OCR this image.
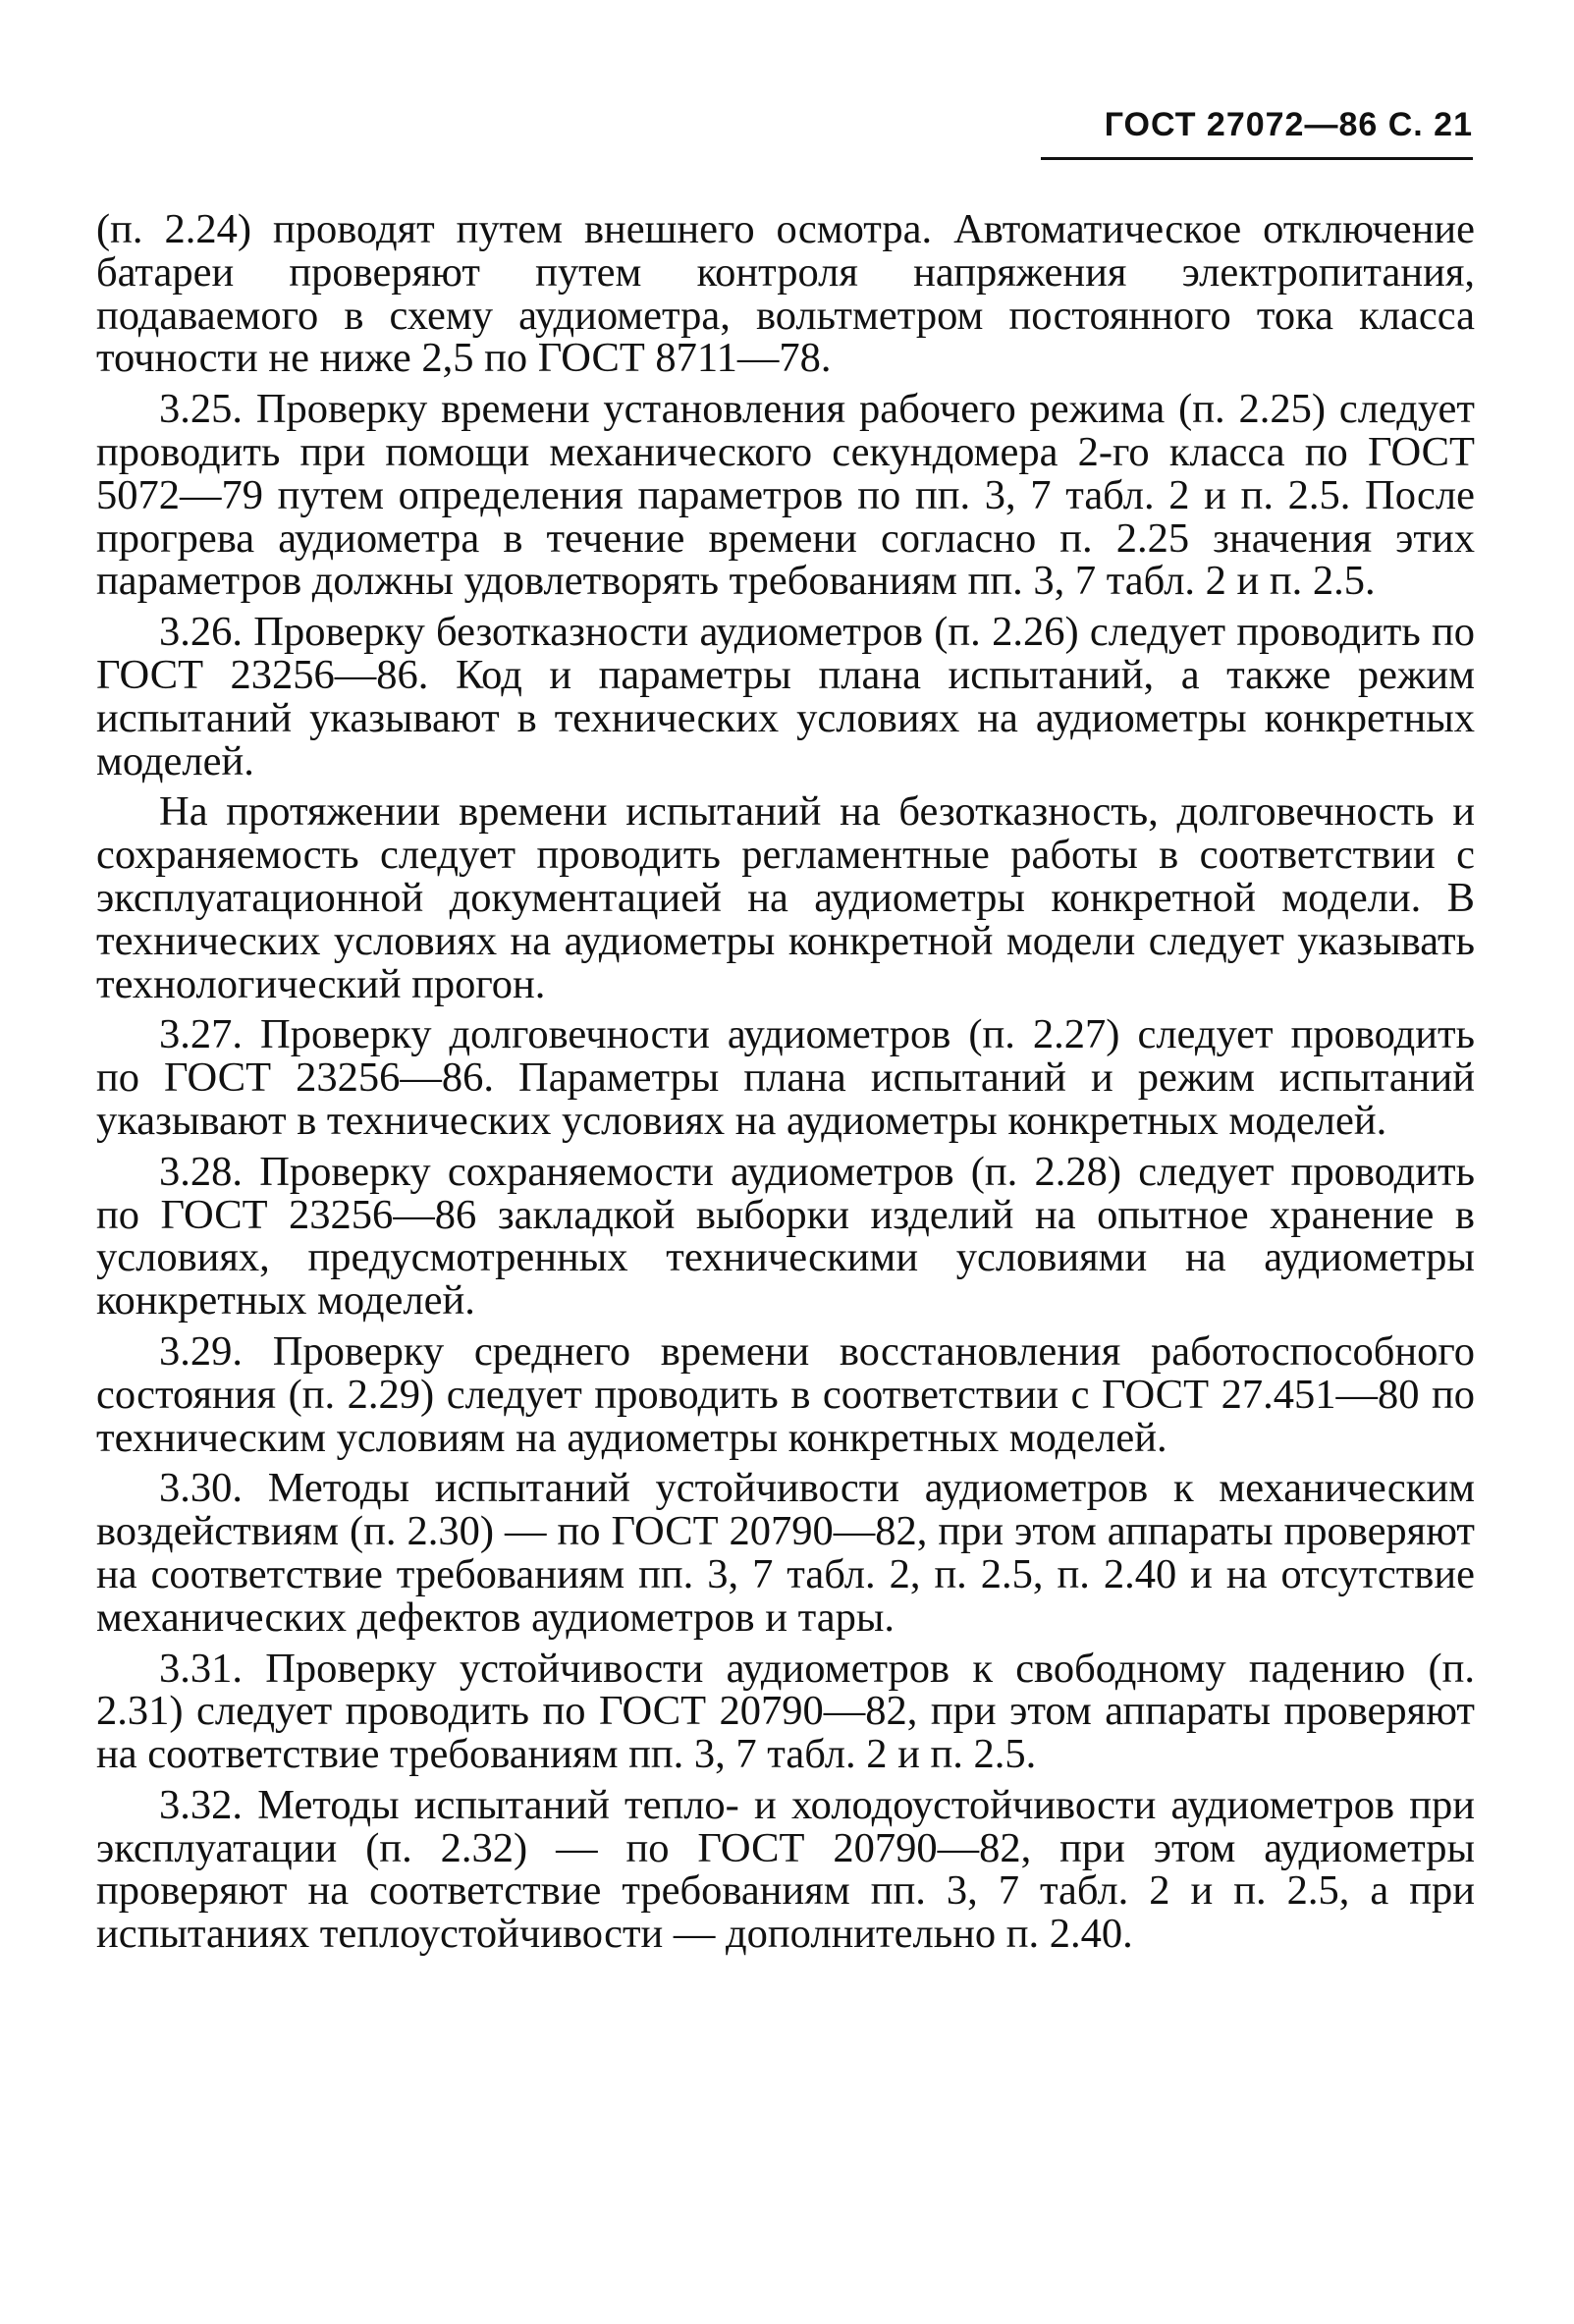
ГОСТ 27072—86 С. 21

(п. 2.24) проводят путем внешнего осмотра. Автоматическое отключение батареи проверяют путем контроля напряжения электропитания, подаваемого в схему аудиометра, вольтметром постоянного тока класса точности не ниже 2,5 по ГОСТ 8711—78.

3.25. Проверку времени установления рабочего режима (п. 2.25) следует проводить при помощи механического секундомера 2-го класса по ГОСТ 5072—79 путем определения параметров по пп. 3, 7 табл. 2 и п. 2.5. После прогрева аудиометра в течение времени согласно п. 2.25 значения этих параметров должны удовлетворять требованиям пп. 3, 7 табл. 2 и п. 2.5.

3.26. Проверку безотказности аудиометров (п. 2.26) следует проводить по ГОСТ 23256—86. Код и параметры плана испытаний, а также режим испытаний указывают в технических условиях на аудиометры конкретных моделей.

На протяжении времени испытаний на безотказность, долговечность и сохраняемость следует проводить регламентные работы в соответствии с эксплуатационной документацией на аудиометры конкретной модели. В технических условиях на аудиометры конкретной модели следует указывать технологический прогон.

3.27. Проверку долговечности аудиометров (п. 2.27) следует проводить по ГОСТ 23256—86. Параметры плана испытаний и режим испытаний указывают в технических условиях на аудиометры конкретных моделей.

3.28. Проверку сохраняемости аудиометров (п. 2.28) следует проводить по ГОСТ 23256—86 закладкой выборки изделий на опытное хранение в условиях, предусмотренных техническими условиями на аудиометры конкретных моделей.

3.29. Проверку среднего времени восстановления работоспособного состояния (п. 2.29) следует проводить в соответствии с ГОСТ 27.451—80 по техническим условиям на аудиометры конкретных моделей.

3.30. Методы испытаний устойчивости аудиометров к механическим воздействиям (п. 2.30) — по ГОСТ 20790—82, при этом аппараты проверяют на соответствие требованиям пп. 3, 7 табл. 2, п. 2.5, п. 2.40 и на отсутствие механических дефектов аудиометров и тары.

3.31. Проверку устойчивости аудиометров к свободному падению (п. 2.31) следует проводить по ГОСТ 20790—82, при этом аппараты проверяют на соответствие требованиям пп. 3, 7 табл. 2 и п. 2.5.

3.32. Методы испытаний тепло- и холодоустойчивости аудиометров при эксплуатации (п. 2.32) — по ГОСТ 20790—82, при этом аудиометры проверяют на соответствие требованиям пп. 3, 7 табл. 2 и п. 2.5, а при испытаниях теплоустойчивости — дополнительно п. 2.40.
